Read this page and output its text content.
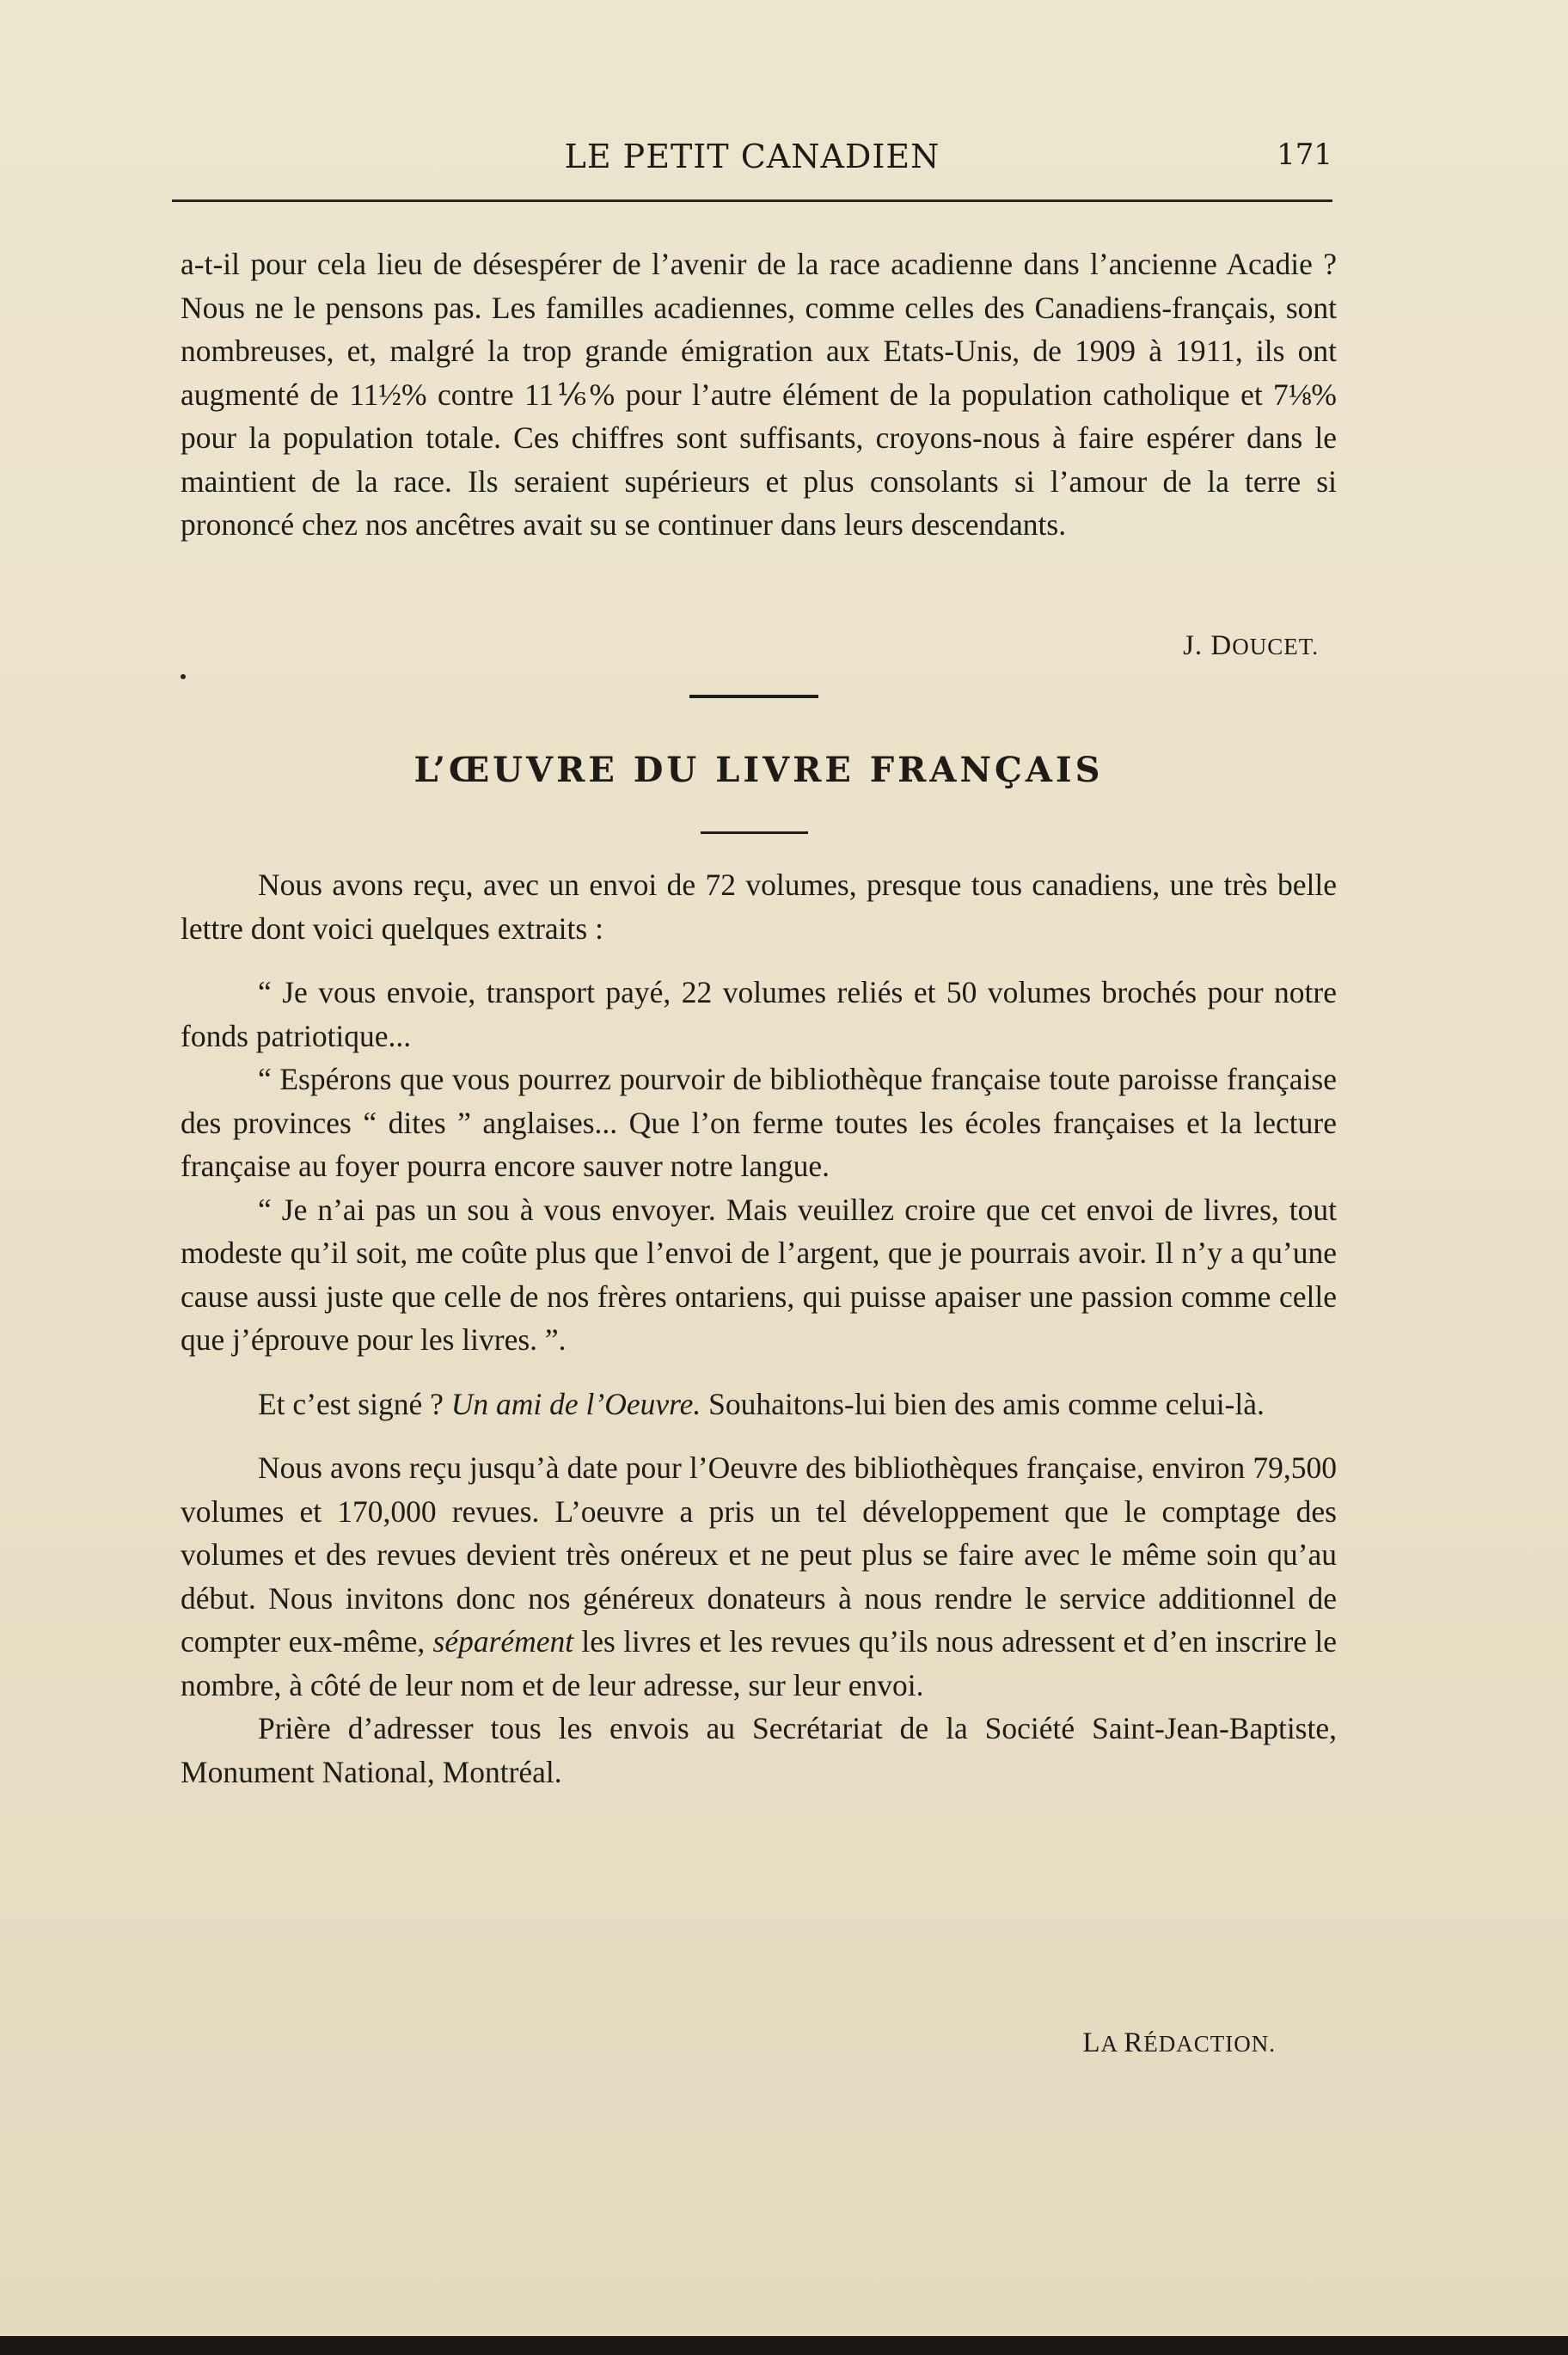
LE PETIT CANADIEN	171

a-t-il pour cela lieu de désespérer de l’avenir de la race acadienne dans l’ancienne Acadie ? Nous ne le pensons pas. Les familles acadiennes, comme celles des Canadiens-français, sont nombreuses, et, malgré la trop grande émigration aux Etats-Unis, de 1909 à 1911, ils ont augmenté de 11½% contre 11⅙% pour l’autre élément de la population catholique et 7⅛% pour la population totale. Ces chiffres sont suffisants, croyons-nous à faire espérer dans le maintient de la race. Ils seraient supérieurs et plus consolants si l’amour de la terre si prononcé chez nos ancêtres avait su se continuer dans leurs descendants.

J. DOUCET.
L’ŒUVRE DU LIVRE FRANÇAIS

Nous avons reçu, avec un envoi de 72 volumes, presque tous canadiens, une très belle lettre dont voici quelques extraits :

“ Je vous envoie, transport payé, 22 volumes reliés et 50 volumes brochés pour notre fonds patriotique...

“ Espérons que vous pourrez pourvoir de bibliothèque française toute paroisse française des provinces “ dites ” anglaises... Que l’on ferme toutes les écoles françaises et la lecture française au foyer pourra encore sauver notre langue.

“ Je n’ai pas un sou à vous envoyer. Mais veuillez croire que cet envoi de livres, tout modeste qu’il soit, me coûte plus que l’envoi de l’argent, que je pourrais avoir. Il n’y a qu’une cause aussi juste que celle de nos frères ontariens, qui puisse apaiser une passion comme celle que j’éprouve pour les livres. ”.

Et c’est signé ? Un ami de l’Oeuvre. Souhaitons-lui bien des amis comme celui-là.

Nous avons reçu jusqu’à date pour l’Oeuvre des bibliothèques française, environ 79,500 volumes et 170,000 revues. L’oeuvre a pris un tel développement que le comptage des volumes et des revues devient très onéreux et ne peut plus se faire avec le même soin qu’au début. Nous invitons donc nos généreux donateurs à nous rendre le service additionnel de compter eux-même, séparément les livres et les revues qu’ils nous adressent et d’en inscrire le nombre, à côté de leur nom et de leur adresse, sur leur envoi.

Prière d’adresser tous les envois au Secrétariat de la Société Saint-Jean-Baptiste, Monument National, Montréal.

LA RÉDACTION.
